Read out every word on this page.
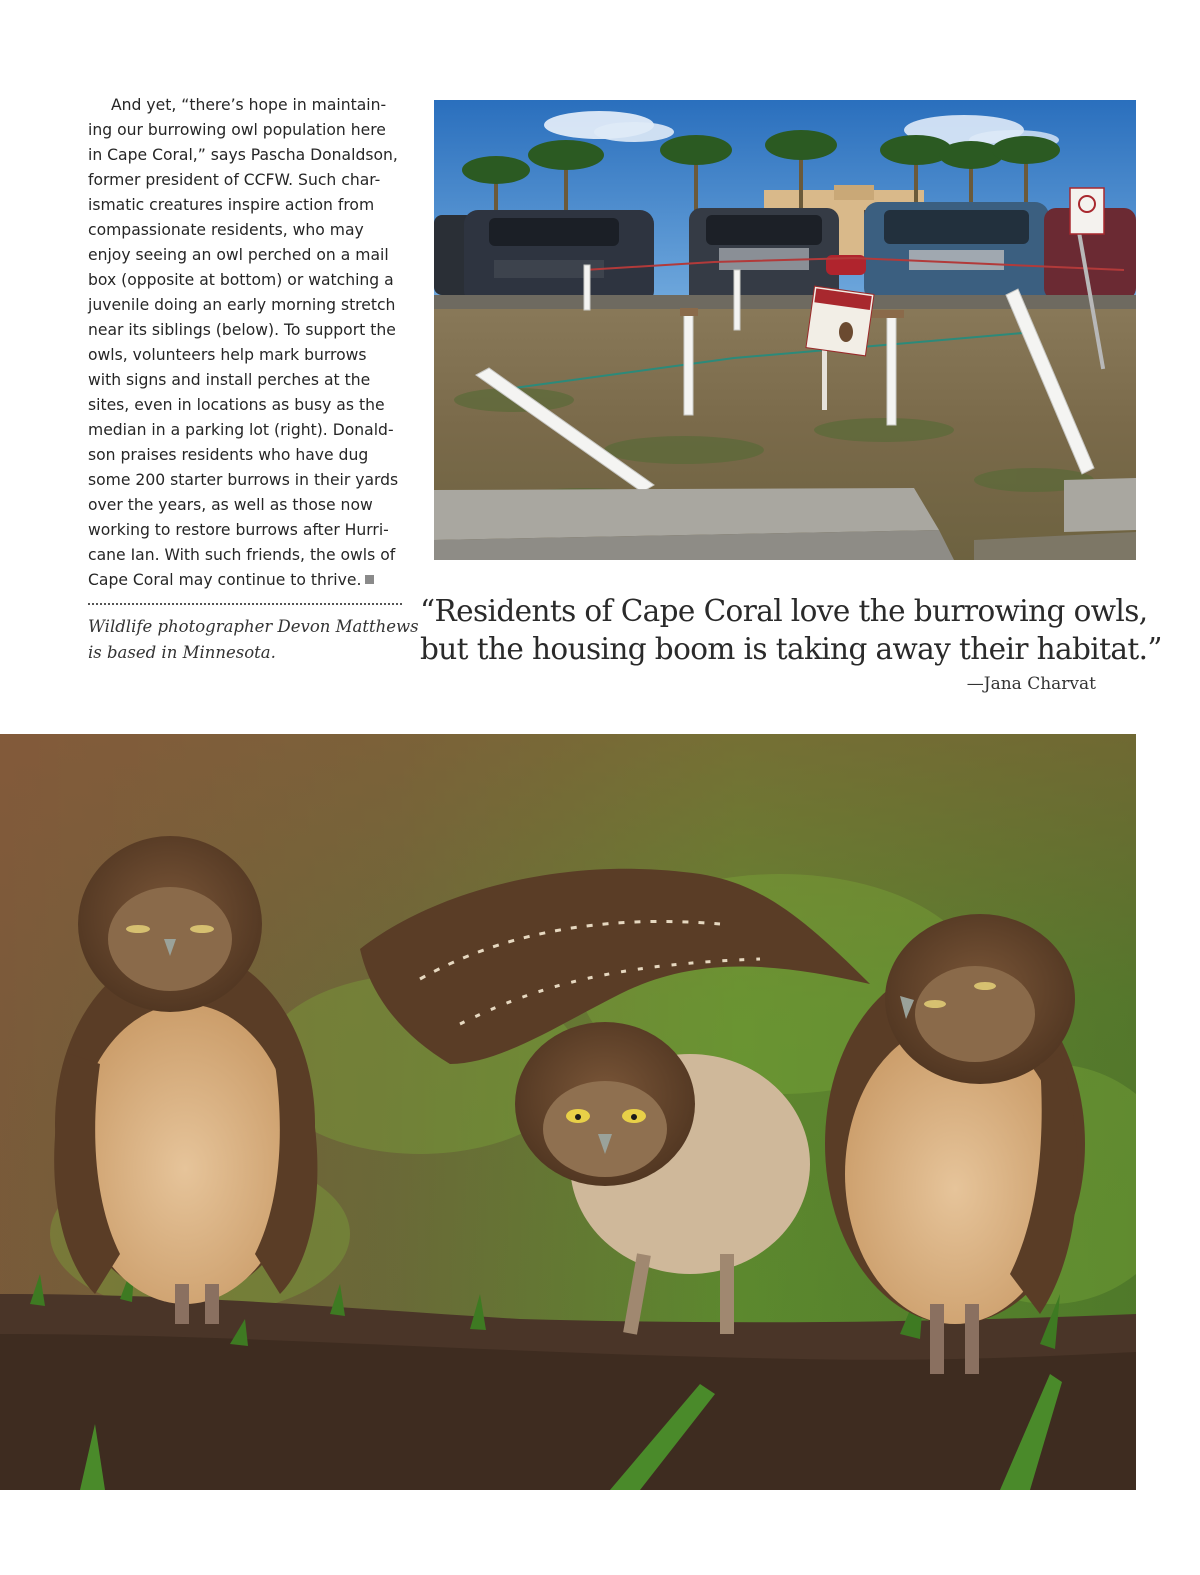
And yet, “there’s hope in maintain-
ing our burrowing owl population here
in Cape Coral,” says Pascha Donaldson,
former president of CCFW. Such char-
ismatic creatures inspire action from
compassionate residents, who may
enjoy seeing an owl perched on a mail
box (opposite at bottom) or watching a
juvenile doing an early morning stretch
near its siblings (below). To support the
owls, volunteers help mark burrows
with signs and install perches at the
sites, even in locations as busy as the
median in a parking lot (right). Donald-
son praises residents who have dug
some 200 starter burrows in their yards
over the years, as well as those now
working to restore burrows after Hurri-
cane Ian. With such friends, the owls of
Cape Coral may continue to thrive.
Wildlife photographer Devon Matthews
is based in Minnesota.
“Residents of Cape Coral love the burrowing owls,
but the housing boom is taking away their habitat.”
—Jana Charvat
